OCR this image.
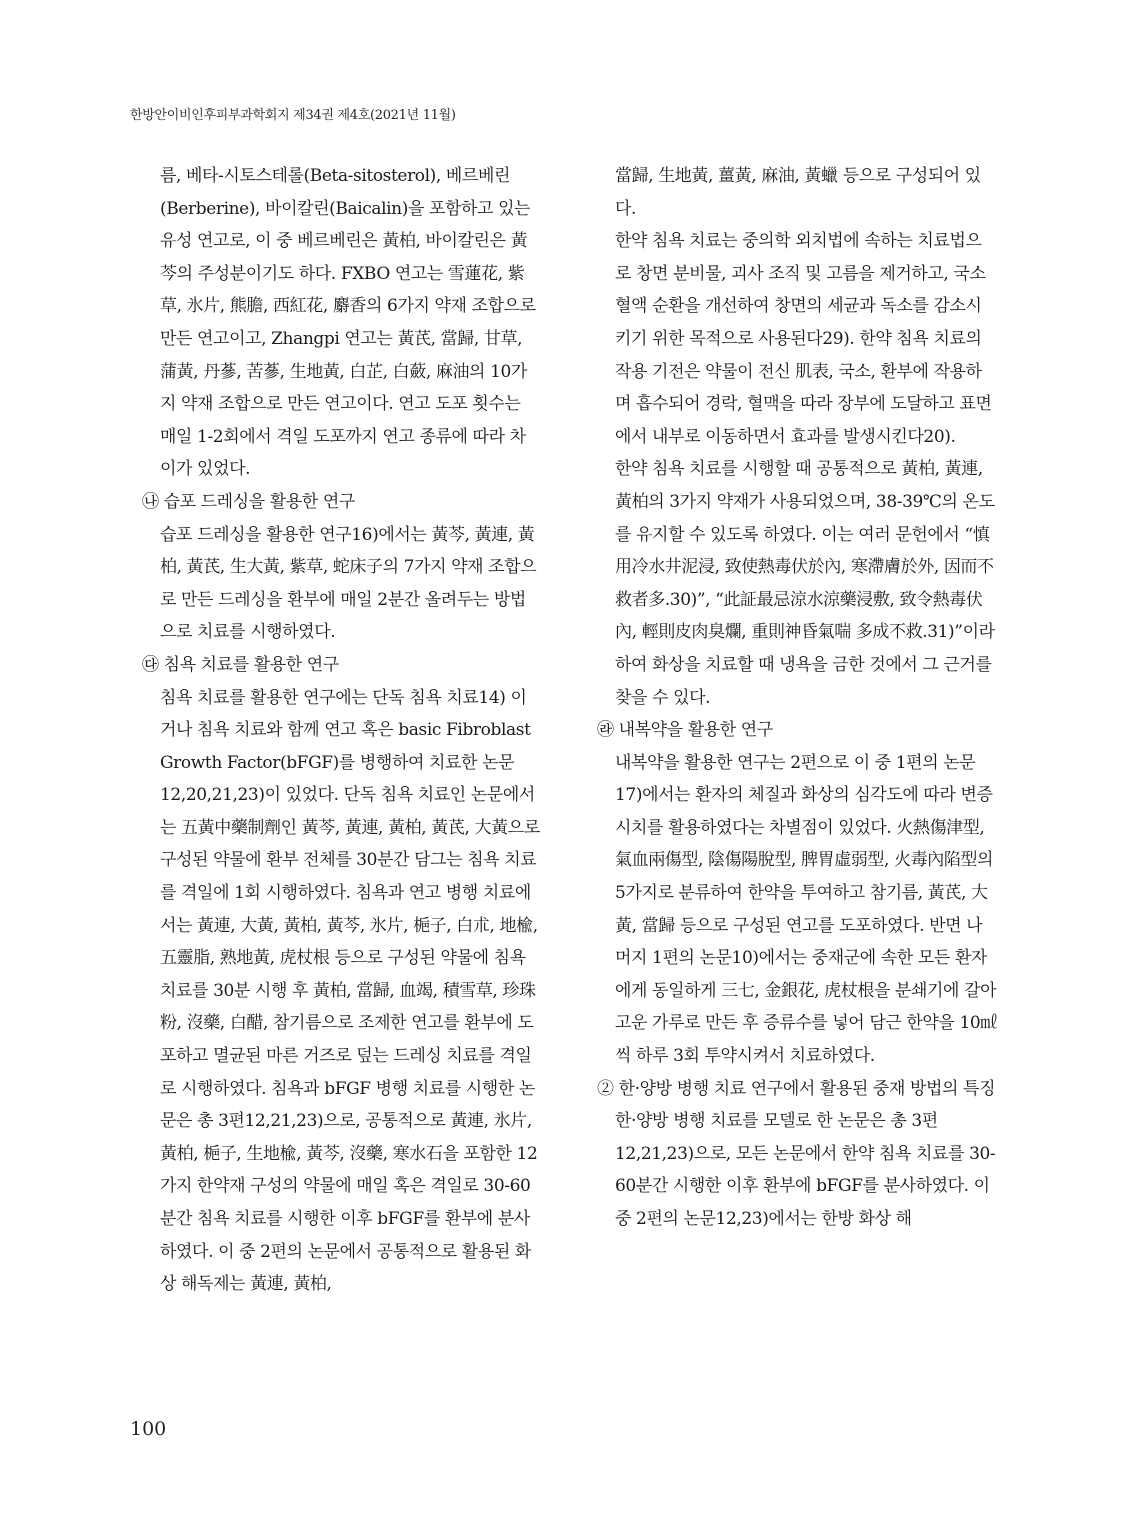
한방안이비인후피부과학회지 제34권 제4호(2021년 11월)

름, 베타-시토스테롤(Beta-sitosterol), 베르베린 (Berberine), 바이칼린(Baicalin)을 포함하고 있는 유성 연고로, 이 중 베르베린은 黃柏, 바이칼린은 黃芩의 주성분이기도 하다. FXBO 연고는 雪蓮花, 紫草, 氷片, 熊膽, 西紅花, 麝香의 6가지 약재 조합으로 만든 연고이고, Zhangpi 연고는 黃芪, 當歸, 甘草, 蒲黃, 丹蔘, 苦蔘, 生地黃, 白芷, 白蘞, 麻油의 10가지 약재 조합으로 만든 연고이다. 연고 도포 횟수는 매일 1-2회에서 격일 도포까지 연고 종류에 따라 차이가 있었다.

㉯ 습포 드레싱을 활용한 연구

습포 드레싱을 활용한 연구16)에서는 黃芩, 黃連, 黃柏, 黃芪, 生大黃, 紫草, 蛇床子의 7가지 약재 조합으로 만든 드레싱을 환부에 매일 2분간 올려두는 방법으로 치료를 시행하였다.

㉰ 침욕 치료를 활용한 연구

침욕 치료를 활용한 연구에는 단독 침욕 치료14) 이거나 침욕 치료와 함께 연고 혹은 basic Fibroblast Growth Factor(bFGF)를 병행하여 치료한 논문12,20,21,23)이 있었다. 단독 침욕 치료인 논문에서는 五黃中藥制劑인 黃芩, 黃連, 黃柏, 黃芪, 大黃으로 구성된 약물에 환부 전체를 30분간 담그는 침욕 치료를 격일에 1회 시행하였다. 침욕과 연고 병행 치료에서는 黃連, 大黃, 黃柏, 黃芩, 氷片, 梔子, 白朮, 地楡, 五靈脂, 熟地黃, 虎杖根 등으로 구성된 약물에 침욕 치료를 30분 시행 후 黃柏, 當歸, 血竭, 積雪草, 珍珠粉, 沒藥, 白醋, 참기름으로 조제한 연고를 환부에 도포하고 멸균된 마른 거즈로 덮는 드레싱 치료를 격일로 시행하였다. 침욕과 bFGF 병행 치료를 시행한 논문은 총 3편12,21,23)으로, 공통적으로 黃連, 氷片, 黃柏, 梔子, 生地楡, 黃芩, 沒藥, 寒水石을 포함한 12가지 한약재 구성의 약물에 매일 혹은 격일로 30-60분간 침욕 치료를 시행한 이후 bFGF를 환부에 분사하였다. 이 중 2편의 논문에서 공통적으로 활용된 화상 해독제는 黃連, 黃柏,

當歸, 生地黃, 薑黃, 麻油, 黃蠟 등으로 구성되어 있다.

한약 침욕 치료는 중의학 외치법에 속하는 치료법으로 창면 분비물, 괴사 조직 및 고름을 제거하고, 국소 혈액 순환을 개선하여 창면의 세균과 독소를 감소시키기 위한 목적으로 사용된다29). 한약 침욕 치료의 작용 기전은 약물이 전신 肌表, 국소, 환부에 작용하며 흡수되어 경락, 혈맥을 따라 장부에 도달하고 표면에서 내부로 이동하면서 효과를 발생시킨다20).

한약 침욕 치료를 시행할 때 공통적으로 黃柏, 黃連, 黃柏의 3가지 약재가 사용되었으며, 38-39℃의 온도를 유지할 수 있도록 하였다. 이는 여러 문헌에서 “慎用冷水井泥浸, 致使熱毒伏於內, 寒滯膚於外, 因而不救者多.30)”, “此証最忌涼水涼藥浸敷, 致令熱毒伏內, 輕則皮肉臭爛, 重則神昏氣喘 多成不救.31)”이라 하여 화상을 치료할 때 냉욕을 금한 것에서 그 근거를 찾을 수 있다.

㉱ 내복약을 활용한 연구

내복약을 활용한 연구는 2편으로 이 중 1편의 논문17)에서는 환자의 체질과 화상의 심각도에 따라 변증시치를 활용하였다는 차별점이 있었다. 火熱傷津型, 氣血兩傷型, 陰傷陽脫型, 脾胃虛弱型, 火毒內陷型의 5가지로 분류하여 한약을 투여하고 참기름, 黃芪, 大黃, 當歸 등으로 구성된 연고를 도포하였다. 반면 나머지 1편의 논문10)에서는 중재군에 속한 모든 환자에게 동일하게 三七, 金銀花, 虎杖根을 분쇄기에 갈아 고운 가루로 만든 후 증류수를 넣어 담근 한약을 10㎖씩 하루 3회 투약시켜서 치료하였다.

② 한·양방 병행 치료 연구에서 활용된 중재 방법의 특징

한·양방 병행 치료를 모델로 한 논문은 총 3편12,21,23)으로, 모든 논문에서 한약 침욕 치료를 30-60분간 시행한 이후 환부에 bFGF를 분사하였다. 이 중 2편의 논문12,23)에서는 한방 화상 해

100
